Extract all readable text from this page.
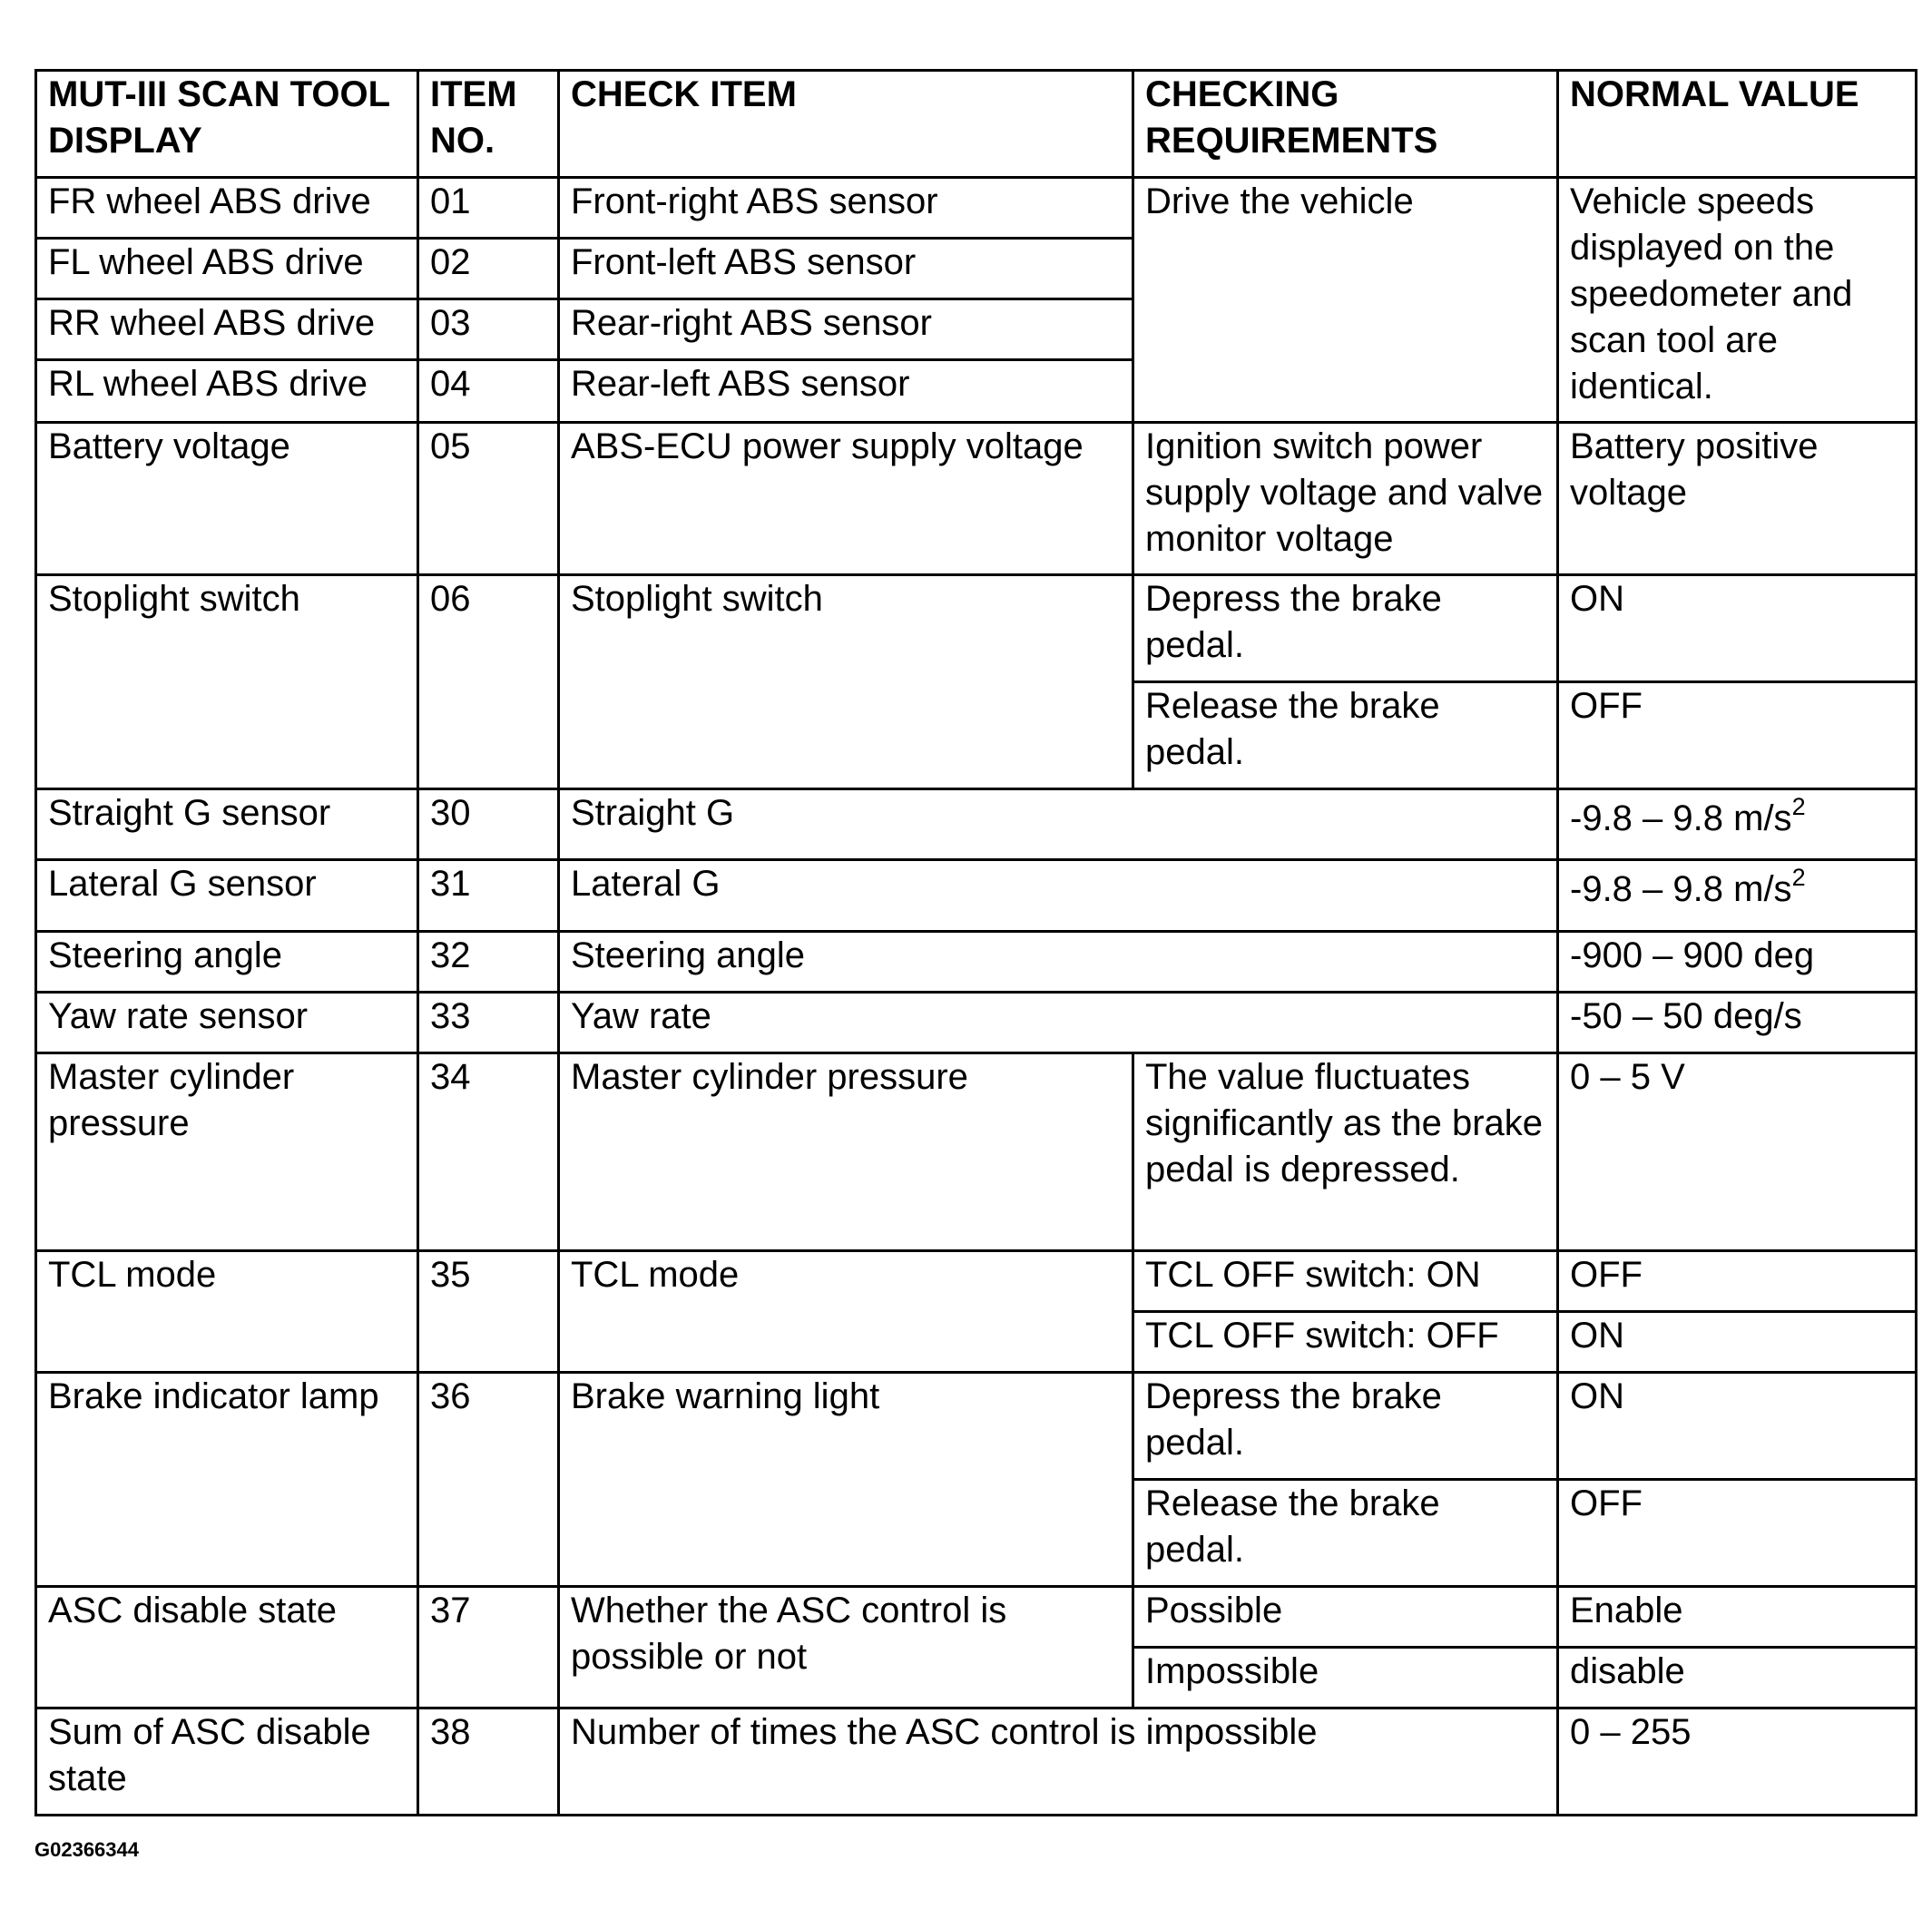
MUT-III SCAN TOOL DISPLAY	ITEM NO.	CHECK ITEM	CHECKING REQUIREMENTS	NORMAL VALUE
FR wheel ABS drive	01	Front-right ABS sensor	Drive the vehicle	Vehicle speeds displayed on the speedometer and scan tool are identical.
FL wheel ABS drive	02	Front-left ABS sensor		
RR wheel ABS drive	03	Rear-right ABS sensor		
RL wheel ABS drive	04	Rear-left ABS sensor		
Battery voltage	05	ABS-ECU power supply voltage	Ignition switch power supply voltage and valve monitor voltage	Battery positive voltage
Stoplight switch	06	Stoplight switch	Depress the brake pedal.	ON
			Release the brake pedal.	OFF
Straight G sensor	30	Straight G		-9.8 – 9.8 $m/s^2$
Lateral G sensor	31	Lateral G		-9.8 – 9.8 $m/s^2$
Steering angle	32	Steering angle		-900 – 900 deg
Yaw rate sensor	33	Yaw rate		-50 – 50 deg/s
Master cylinder pressure	34	Master cylinder pressure	The value fluctuates significantly as the brake pedal is depressed.	0 – 5 V
TCL mode	35	TCL mode	TCL OFF switch: ON	OFF
			TCL OFF switch: OFF	ON
Brake indicator lamp	36	Brake warning light	Depress the brake pedal.	ON
			Release the brake pedal.	OFF
ASC disable state	37	Whether the ASC control is possible or not	Possible	Enable
			Impossible	disable
Sum of ASC disable state	38	Number of times the ASC control is impossible		0 – 255
G02366344
